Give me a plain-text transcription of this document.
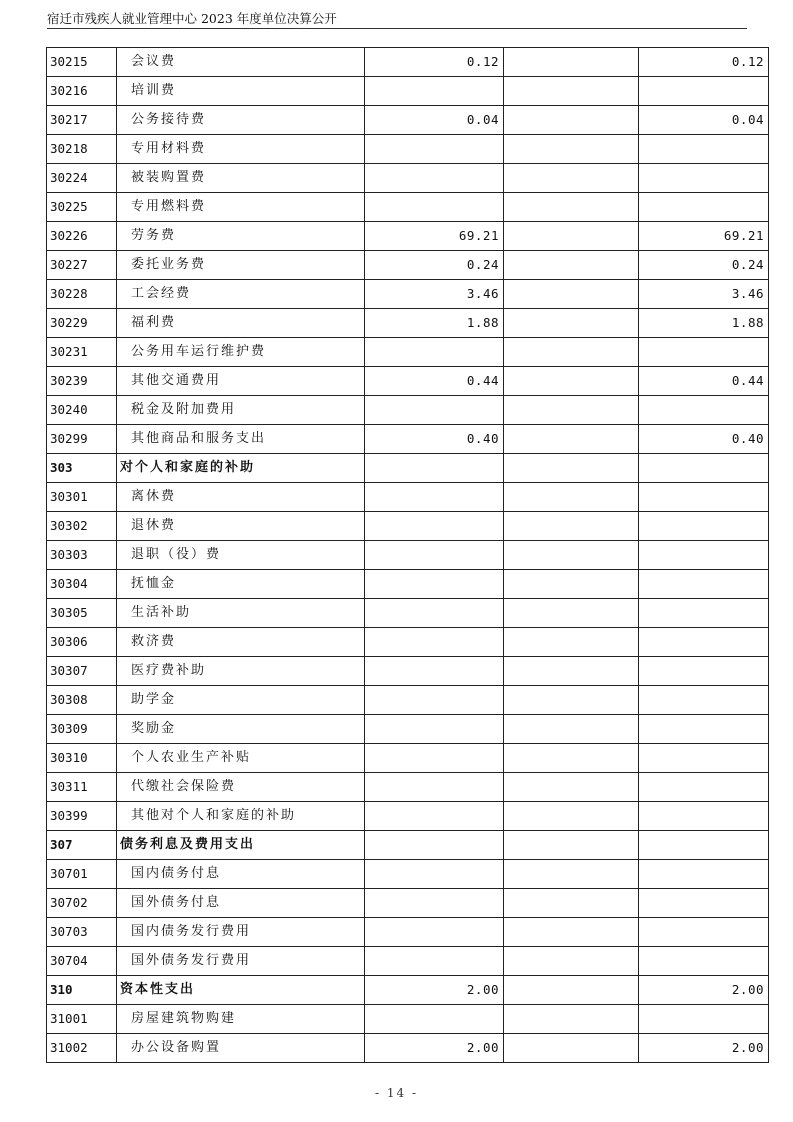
宿迁市残疾人就业管理中心 2023 年度单位决算公开
30215	会议费	0.12		0.12
30216	培训费			
30217	公务接待费	0.04		0.04
30218	专用材料费			
30224	被装购置费			
30225	专用燃料费			
30226	劳务费	69.21		69.21
30227	委托业务费	0.24		0.24
30228	工会经费	3.46		3.46
30229	福利费	1.88		1.88
30231	公务用车运行维护费			
30239	其他交通费用	0.44		0.44
30240	税金及附加费用			
30299	其他商品和服务支出	0.40		0.40
303	对个人和家庭的补助			
30301	离休费			
30302	退休费			
30303	退职（役）费			
30304	抚恤金			
30305	生活补助			
30306	救济费			
30307	医疗费补助			
30308	助学金			
30309	奖励金			
30310	个人农业生产补贴			
30311	代缴社会保险费			
30399	其他对个人和家庭的补助			
307	债务利息及费用支出			
30701	国内债务付息			
30702	国外债务付息			
30703	国内债务发行费用			
30704	国外债务发行费用			
310	资本性支出	2.00		2.00
31001	房屋建筑物购建			
31002	办公设备购置	2.00		2.00
- 14 -
